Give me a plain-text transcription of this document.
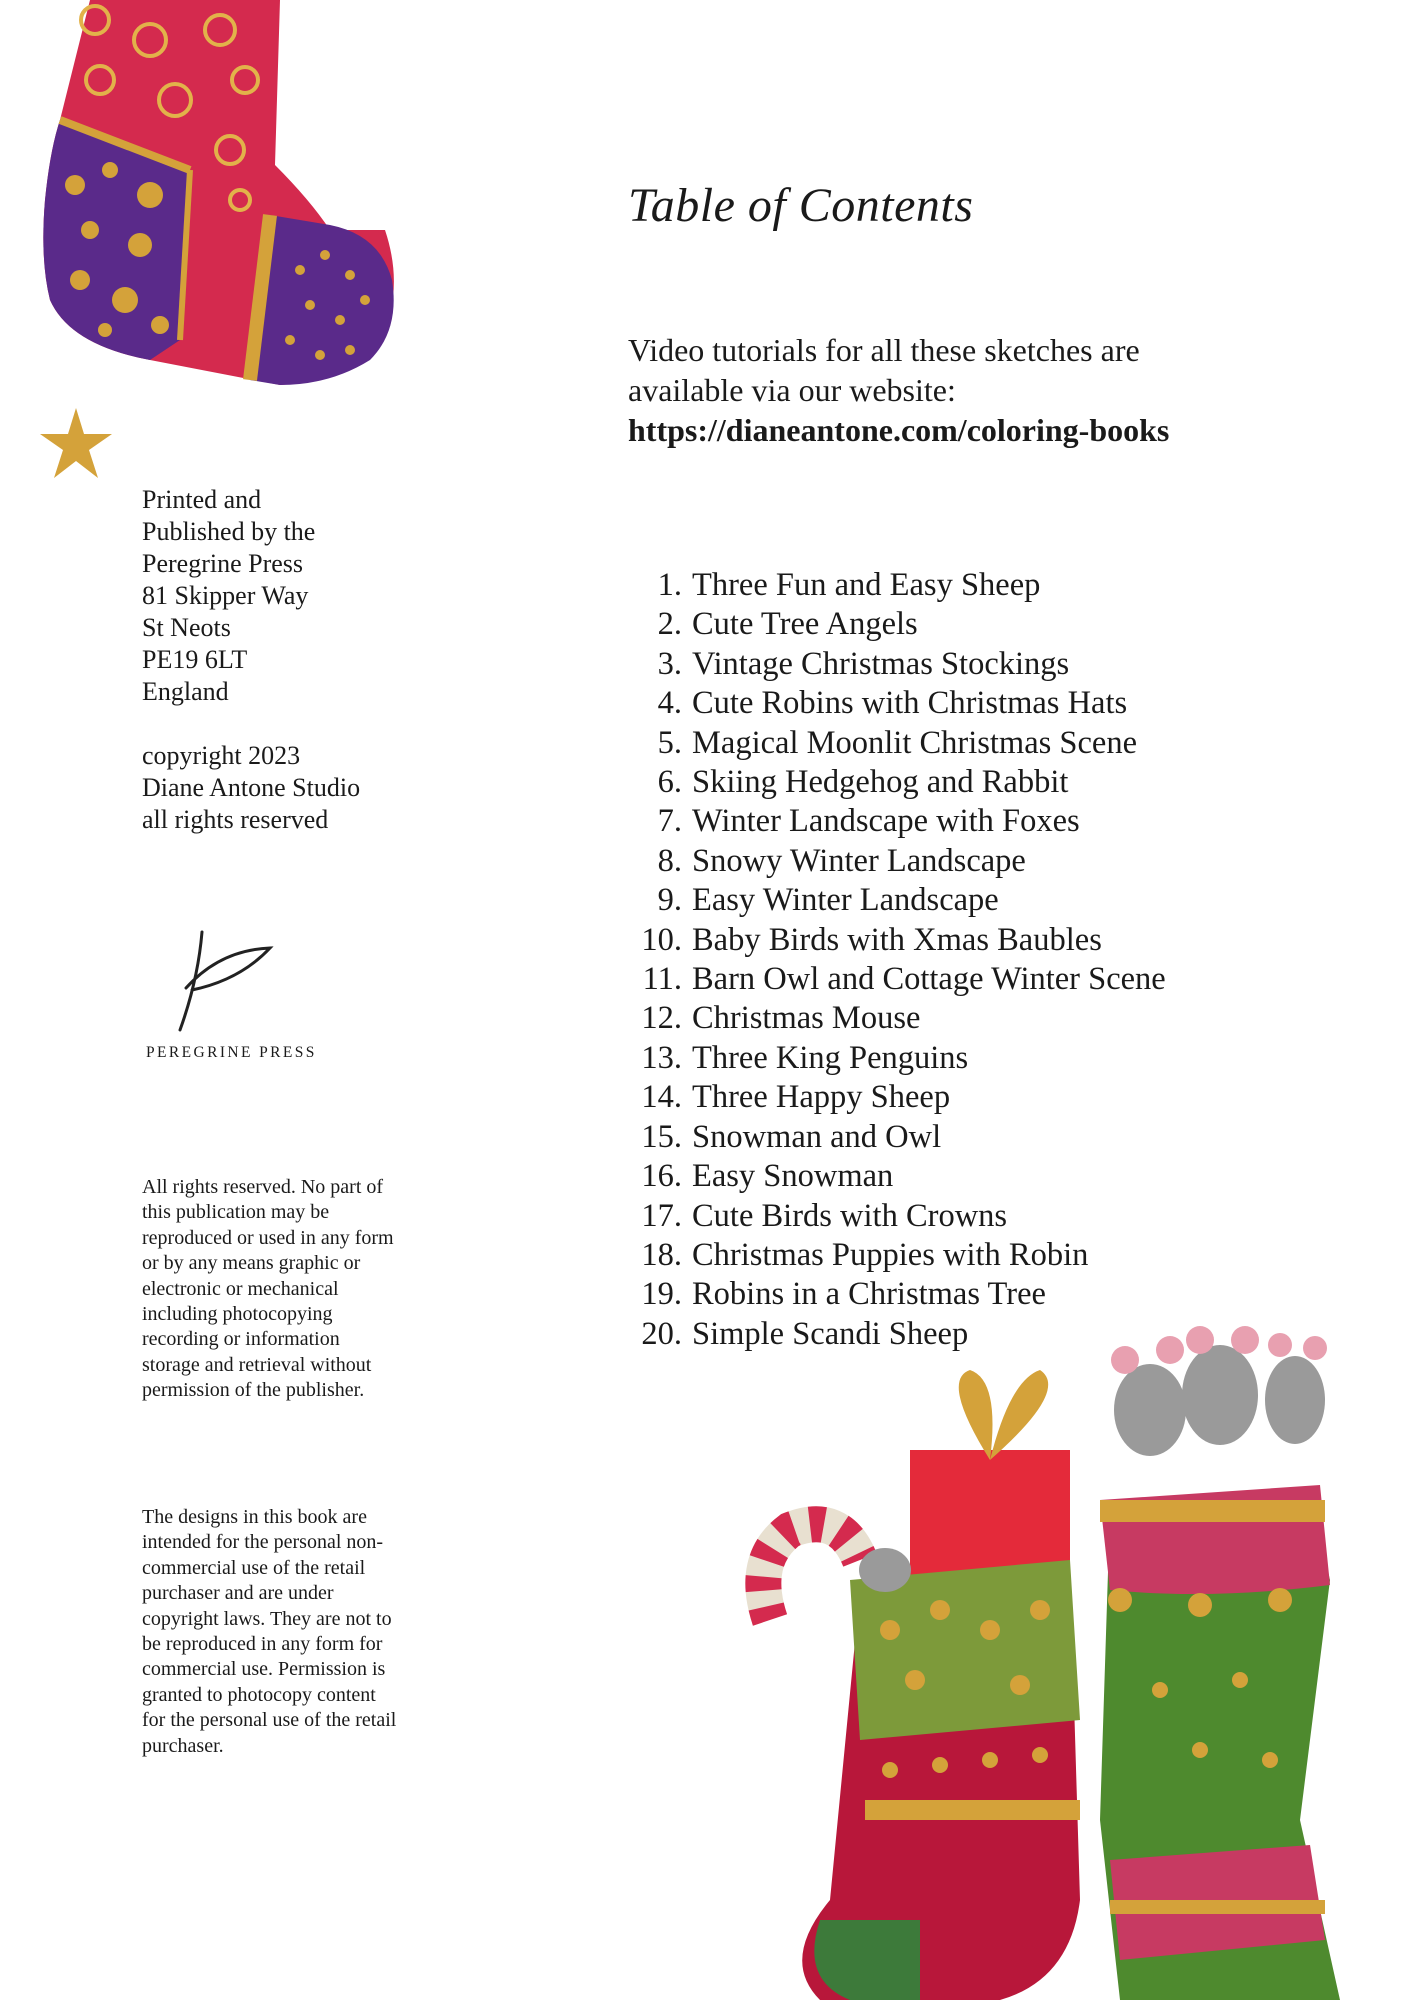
Table of Contents
Video tutorials for all these sketches are
available via our website:
https://dianeantone.com/coloring-books
1. Three Fun and Easy Sheep
2. Cute Tree Angels
3. Vintage Christmas Stockings
4. Cute Robins with Christmas Hats
5. Magical Moonlit Christmas Scene
6. Skiing Hedgehog and Rabbit
7. Winter Landscape with Foxes
8. Snowy Winter Landscape
9. Easy Winter Landscape
10. Baby Birds with Xmas Baubles
11. Barn Owl and Cottage Winter Scene
12. Christmas Mouse
13. Three King Penguins
14. Three Happy Sheep
15. Snowman and Owl
16. Easy Snowman
17. Cute Birds with Crowns
18. Christmas Puppies with Robin
19. Robins in a Christmas Tree
20. Simple Scandi Sheep
Printed and
Published by the
Peregrine Press
81 Skipper Way
St Neots
PE19 6LT
England
copyright 2023
Diane Antone Studio
all rights reserved
PEREGRINE PRESS
All rights reserved. No part of this publication may be reproduced or used in any form or by any means graphic or electronic or mechanical including photocopying recording or information storage and retrieval without permission of the publisher.
The designs in this book are intended for the personal non-commercial use of the retail purchaser and are under copyright laws. They are not to be reproduced in any form for commercial use. Permission is granted to photocopy content for the personal use of the retail purchaser.
